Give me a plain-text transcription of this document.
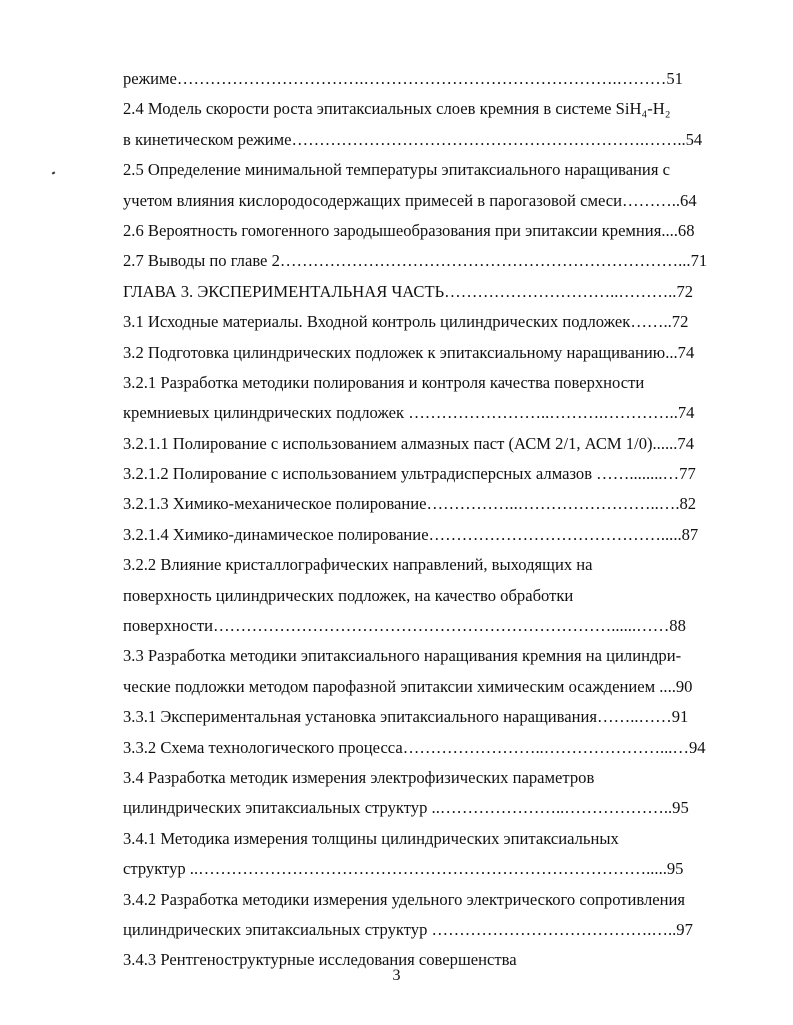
режиме…………………………….……………………………………….………51
2.4 Модель скорости роста эпитаксиальных слоев кремния в системе SiH₄-H₂
в кинетическом режиме……………………………………………………….……..54
2.5 Определение минимальной температуры эпитаксиального наращивания с
учетом влияния кислородосодержащих примесей в парогазовой смеси………..64
2.6 Вероятность гомогенного зародышеобразования при эпитаксии кремния....68
2.7 Выводы по главе 2………………………………………………………………...71
ГЛАВА 3. ЭКСПЕРИМЕНТАЛЬНАЯ ЧАСТЬ…………………………..………..72
3.1 Исходные материалы. Входной контроль цилиндрических подложек……..72
3.2 Подготовка цилиндрических подложек к эпитаксиальному наращиванию...74
3.2.1 Разработка методики полирования и контроля качества поверхности
кремниевых цилиндрических подложек ……………………..……….…………..74
3.2.1.1 Полирование с использованием алмазных паст (АСМ 2/1, АСМ 1/0)......74
3.2.1.2 Полирование с использованием ультрадисперсных алмазов ……........…77
3.2.1.3 Химико-механическое полирование……………..……………………..….82
3.2.1.4 Химико-динамическое полирование…………………………………….....87
3.2.2 Влияние кристаллографических направлений, выходящих на
поверхность цилиндрических подложек, на качество обработки
поверхности………………………………………………………………......……88
3.3 Разработка методики эпитаксиального наращивания кремния на цилиндри-
ческие подложки методом парофазной эпитаксии химическим осаждением ....90
3.3.1 Экспериментальная установка эпитаксиального наращивания……..……91
3.3.2 Схема технологического процесса……………………..…………………...…94
3.4 Разработка методик измерения электрофизических параметров
цилиндрических эпитаксиальных структур ..…………………..………………..95
3.4.1 Методика измерения толщины цилиндрических эпитаксиальных
структур ..……………………………………………………………………….....95
3.4.2 Разработка методики измерения удельного электрического сопротивления
цилиндрических эпитаксиальных структур ………………………………….…..97
3.4.3 Рентгеноструктурные исследования совершенства
3
